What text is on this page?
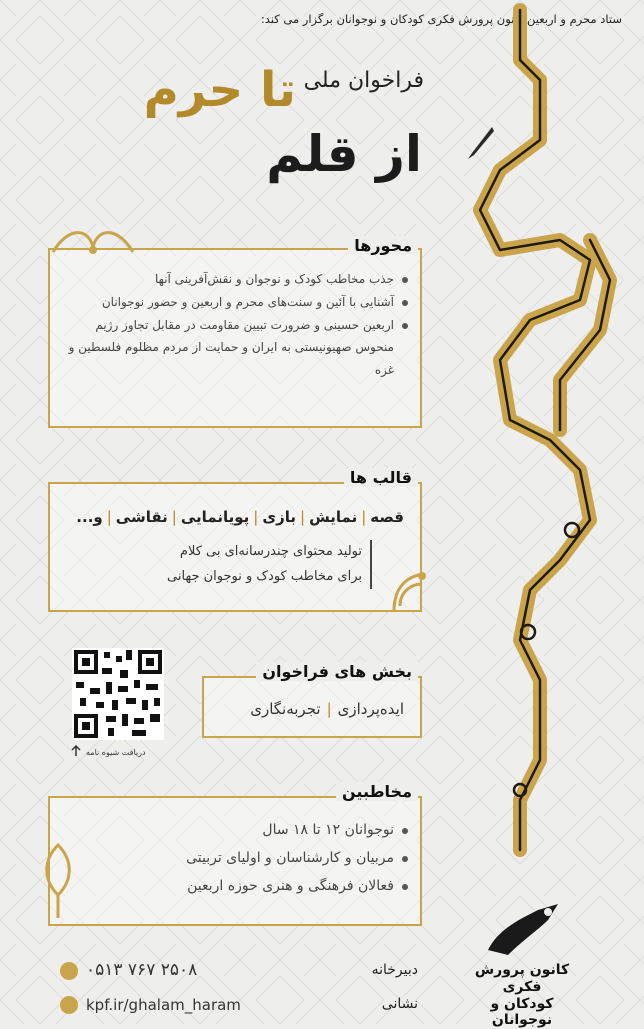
ستاد محرم و اربعین کانون پرورش فکری کودکان و نوجوانان برگزار می کند:
فراخوان ملی
تا حرم
از قلم
محورها
جذب مخاطب کودک و نوجوان و نقش‌آفرینی آنها
آشنایی با آئین و سنت‌های محرم و اربعین و حضور نوجوانان
اربعین حسینی و ضرورت تبیین مقاومت در مقابل تجاوز رژیم منحوس صهیونیستی به ایران و حمایت از مردم مظلوم فلسطین و غزه
قالب ها
قصه|نمایش|بازی|پویانمایی|نقاشی|و...
تولید محتوای چندرسانه‌ای بی کلام
برای مخاطب کودک و نوجوان جهانی
دریافت شیوه نامه
بخش های فراخوان
ایده‌پردازی|تجربه‌نگاری
مخاطبین
نوجوانان ۱۲ تا ۱۸ سال
مربیان و کارشناسان و اولیای تربیتی
فعالان فرهنگی و هنری حوزه اربعین
دبیرخانه
۰۵۱۳ ۷۶۷ ۲۵۰۸
نشانی
kpf.ir/ghalam_haram
کانون پرورش فکری
کودکان و نوجوانان
